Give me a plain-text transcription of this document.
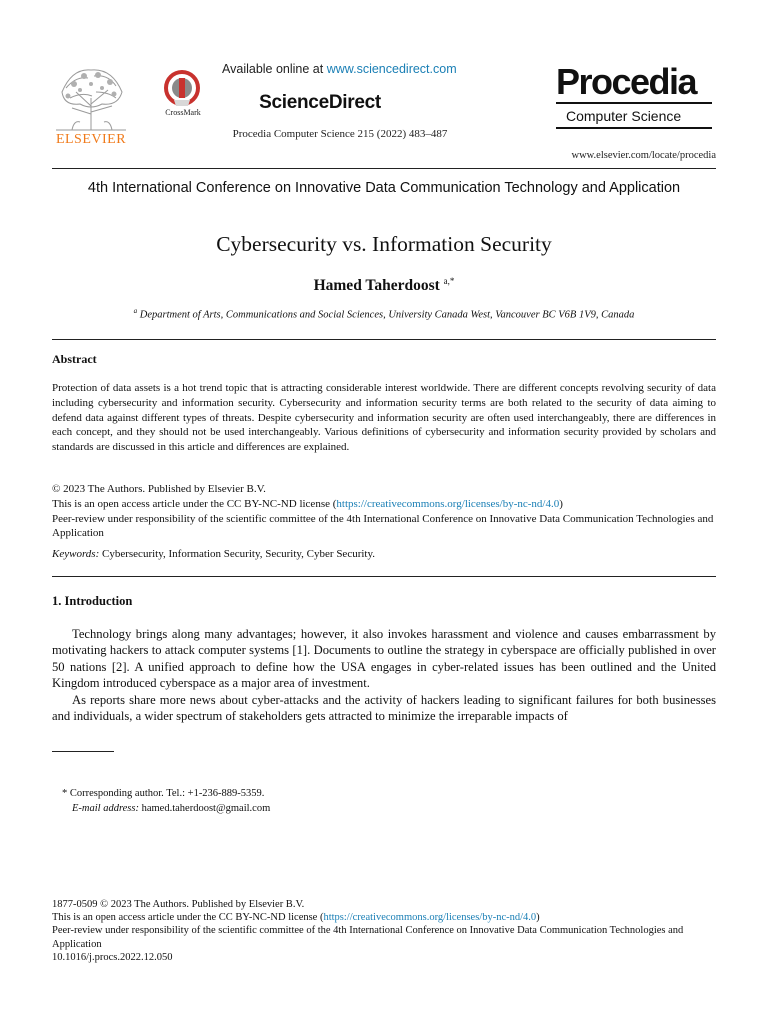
ELSEVIER
CrossMark
Available online at www.sciencedirect.com
ScienceDirect
Procedia Computer Science 215 (2022) 483–487
Procedia
Computer Science
www.elsevier.com/locate/procedia
4th International Conference on Innovative Data Communication Technology and Application
Cybersecurity vs. Information Security
Hamed Taherdoost $^{a,*}$
$^a$ Department of Arts, Communications and Social Sciences, University Canada West, Vancouver BC V6B 1V9, Canada
Abstract
Protection of data assets is a hot trend topic that is attracting considerable interest worldwide. There are different concepts revolving security of data including cybersecurity and information security. Cybersecurity and information security terms are both related to the security of data aiming to defend data against different types of threats. Despite cybersecurity and information security are often used interchangeably, there are differences in each concept, and they should not be used interchangeably. Various definitions of cybersecurity and information security provided by scholars and standards are discussed in this article and differences are explained.
© 2023 The Authors. Published by Elsevier B.V.
This is an open access article under the CC BY-NC-ND license (https://creativecommons.org/licenses/by-nc-nd/4.0)
Peer-review under responsibility of the scientific committee of the 4th International Conference on Innovative Data Communication Technologies and Application
Keywords: Cybersecurity, Information Security, Security, Cyber Security.
1. Introduction

Technology brings along many advantages; however, it also invokes harassment and violence and causes embarrassment by motivating hackers to attack computer systems [1]. Documents to outline the strategy in cyberspace are officially published in over 50 nations [2]. A unified approach to define how the USA engages in cyber-related issues has been outlined and the United Kingdom introduced cyberspace as a major area of investment.

As reports share more news about cyber-attacks and the activity of hackers leading to significant failures for both businesses and individuals, a wider spectrum of stakeholders gets attracted to minimize the irreparable impacts of

* Corresponding author. Tel.: +1-236-889-5359.
E-mail address: hamed.taherdoost@gmail.com
1877-0509 © 2023 The Authors. Published by Elsevier B.V.
This is an open access article under the CC BY-NC-ND license (https://creativecommons.org/licenses/by-nc-nd/4.0)
Peer-review under responsibility of the scientific committee of the 4th International Conference on Innovative Data Communication Technologies and Application
10.1016/j.procs.2022.12.050
